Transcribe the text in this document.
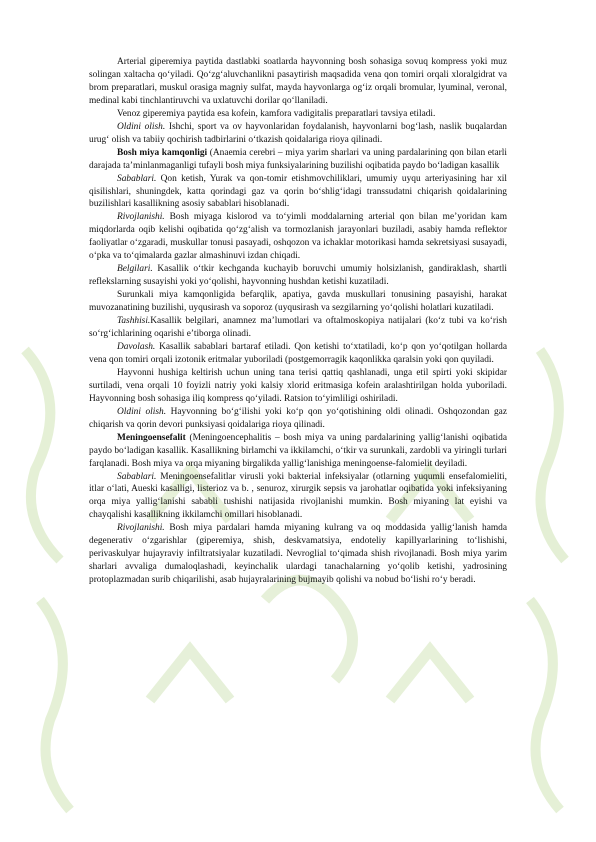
Arterial giperemiya paytida dastlabki soatlarda hayvonning bosh sohasiga sovuq kompress yoki muz solingan xaltacha qo‘yiladi. Qo‘zg‘aluvchanlikni pasaytirish maqsadida vena qon tomiri orqali xloralgidrat va brom preparatlari, muskul orasiga magniy sulfat, mayda hayvonlarga og‘iz orqali bromular, lyuminal, veronal, medinal kabi tinchlantiruvchi va uxlatuvchi dorilar qo‘llaniladi.

Venoz giperemiya paytida esa kofein, kamfora vadigitalis preparatlari tavsiya etiladi.

Oldini olish. Ishchi, sport va ov hayvonlaridan foydalanish, hayvonlarni bog‘lash, naslik buqalardan urug‘ olish va tabiiy qochirish tadbirlarini o‘tkazish qoidalariga rioya qilinadi.

Bosh miya kamqonligi (Anaemia cerebri – miya yarim sharlari va uning pardalarining qon bilan etarli darajada ta’minlanmaganligi tufayli bosh miya funksiyalarining buzilishi oqibatida paydo bo‘ladigan kasallik

Sabablari. Qon ketish, Yurak va qon-tomir etishmovchiliklari, umumiy uyqu arteriyasining har xil qisilishlari, shuningdek, katta qorindagi gaz va qorin bo‘shlig‘idagi transsudatni chiqarish qoidalarining buzilishlari kasallikning asosiy sabablari hisoblanadi.

Rivojlanishi. Bosh miyaga kislorod va to‘yimli moddalarning arterial qon bilan me’yoridan kam miqdorlarda oqib kelishi oqibatida qo‘zg‘alish va tormozlanish jarayonlari buziladi, asabiy hamda reflektor faoliyatlar o‘zgaradi, muskullar tonusi pasayadi, oshqozon va ichaklar motorikasi hamda sekretsiyasi susayadi, o‘pka va to‘qimalarda gazlar almashinuvi izdan chiqadi.

Belgilari. Kasallik o‘tkir kechganda kuchayib boruvchi umumiy holsizlanish, gandiraklash, shartli reflekslarning susayishi yoki yo‘qolishi, hayvonning hushdan ketishi kuzatiladi.

Surunkali miya kamqonligida befarqlik, apatiya, gavda muskullari tonusining pasayishi, harakat muvozanatining buzilishi, uyqusirash va soporoz (uyqusirash va sezgilarning yo‘qolishi holatlari kuzatiladi.

Tashhisi.Kasallik belgilari, anamnez ma’lumotlari va oftalmoskopiya natijalari (ko‘z tubi va ko‘rish so‘rg‘ichlarining oqarishi e’tiborga olinadi.

Davolash. Kasallik sabablari bartaraf etiladi. Qon ketishi to‘xtatiladi, ko‘p qon yo‘qotilgan hollarda vena qon tomiri orqali izotonik eritmalar yuboriladi (postgemorragik kaqonlikka qaralsin yoki qon quyiladi.

Hayvonni hushiga keltirish uchun uning tana terisi qattiq qashlanadi, unga etil spirti yoki skipidar surtiladi, vena orqali 10 foyizli natriy yoki kalsiy xlorid eritmasiga kofein aralashtirilgan holda yuboriladi. Hayvonning bosh sohasiga iliq kompress qo‘yiladi. Ratsion to‘yimliligi oshiriladi.

Oldini olish. Hayvonning bo‘g‘ilishi yoki ko‘p qon yo‘qotishining oldi olinadi. Oshqozondan gaz chiqarish va qorin devori punksiyasi qoidalariga rioya qilinadi.

Meningoensefalit (Meningoencephalitis – bosh miya va uning pardalarining yallig‘lanishi oqibatida paydo bo‘ladigan kasallik. Kasallikning birlamchi va ikkilamchi, o‘tkir va surunkali, zardobli va yiringli turlari farqlanadi. Bosh miya va orqa miyaning birgalikda yallig‘lanishiga meningoense-falomielit deyiladi.

Sabablari. Meningoensefalitlar virusli yoki bakterial infeksiyalar (otlarning yuqumli ensefalomieliti, itlar o‘lati, Aueski kasalligi, listerioz va b. , senuroz, xirurgik sepsis va jarohatlar oqibatida yoki infeksiyaning orqa miya yallig‘lanishi sababli tushishi natijasida rivojlanishi mumkin. Bosh miyaning lat eyishi va chayqalishi kasallikning ikkilamchi omillari hisoblanadi.

Rivojlanishi. Bosh miya pardalari hamda miyaning kulrang va oq moddasida yallig‘lanish hamda degenerativ o‘zgarishlar (giperemiya, shish, deskvamatsiya, endoteliy kapillyarlarining to‘lishishi, perivaskulyar hujayraviy infiltratsiyalar kuzatiladi. Nevroglial to‘qimada shish rivojlanadi. Bosh miya yarim sharlari avvaliga dumaloqlashadi, keyinchalik ulardagi tanachalarning yo‘qolib ketishi, yadrosining protoplazmadan surib chiqarilishi, asab hujayralarining bujmayib qolishi va nobud bo‘lishi ro‘y beradi.
